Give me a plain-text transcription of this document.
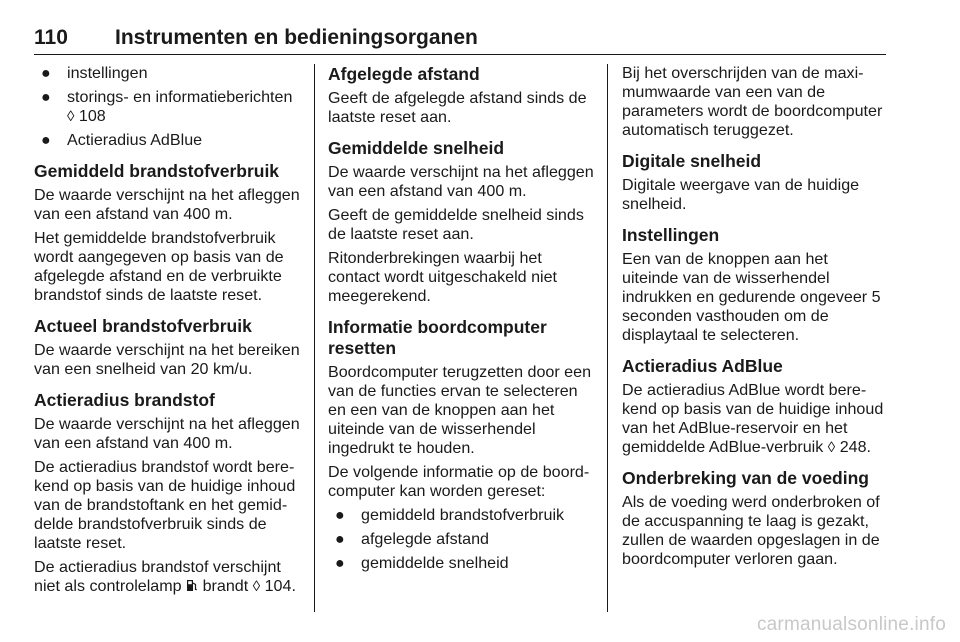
110 Instrumenten en bedieningsorganen
● instellingen
● storings- en informatieberichten
◊ 108
● Actieradius AdBlue
Gemiddeld brandstofverbruik

De waarde verschijnt na het afleggen van een afstand van 400 m.

Het gemiddelde brandstofverbruik wordt aangegeven op basis van de afgelegde afstand en de verbruikte brandstof sinds de laatste reset.

Actueel brandstofverbruik

De waarde verschijnt na het bereiken van een snelheid van 20 km/u.

Actieradius brandstof

De waarde verschijnt na het afleggen van een afstand van 400 m.

De actieradius brandstof wordt berekend op basis van de huidige inhoud van de brandstoftank en het gemiddelde brandstofverbruik sinds de laatste reset.

De actieradius brandstof verschijnt niet als controlelamp brandt ◊ 104.

Afgelegde afstand

Geeft de afgelegde afstand sinds de laatste reset aan.

Gemiddelde snelheid

De waarde verschijnt na het afleggen van een afstand van 400 m.

Geeft de gemiddelde snelheid sinds de laatste reset aan.

Ritonderbrekingen waarbij het contact wordt uitgeschakeld niet meegerekend.

Informatie boordcomputer resetten

Boordcomputer terugzetten door een van de functies ervan te selecteren en een van de knoppen aan het uiteinde van de wisserhendel ingedrukt te houden.

De volgende informatie op de boordcomputer kan worden gereset:

● gemiddeld brandstofverbruik
● afgelegde afstand
● gemiddelde snelheid

Bij het overschrijden van de maximumwaarde van een van de parameters wordt de boordcomputer automatisch teruggezet.

Digitale snelheid

Digitale weergave van de huidige snelheid.

Instellingen

Een van de knoppen aan het uiteinde van de wisserhendel indrukken en gedurende ongeveer 5 seconden vasthouden om de displaytaal te selecteren.

Actieradius AdBlue

De actieradius AdBlue wordt berekend op basis van de huidige inhoud van het AdBlue-reservoir en het gemiddelde AdBlue-verbruik ◊ 248.

Onderbreking van de voeding

Als de voeding werd onderbroken of de accuspanning te laag is gezakt, zullen de waarden opgeslagen in de boordcomputer verloren gaan.

carmanualsonline.info
